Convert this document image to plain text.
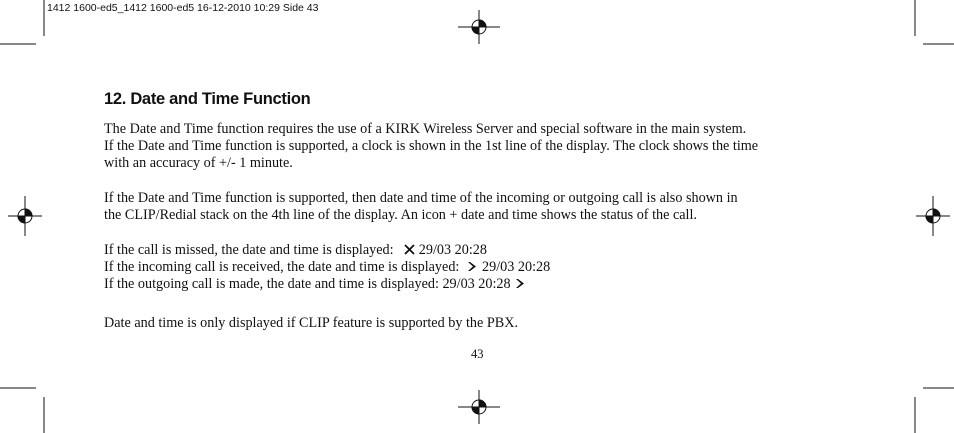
1412 1600-ed5_1412 1600-ed5 16-12-2010 10:29 Side 43
12. Date and Time Function

The Date and Time function requires the use of a KIRK Wireless Server and special software in the main system.
If the Date and Time function is supported, a clock is shown in the 1st line of the display. The clock shows the time
with an accuracy of +/- 1 minute.

If the Date and Time function is supported, then date and time of the incoming or outgoing call is also shown in
the CLIP/Redial stack on the 4th line of the display. An icon + date and time shows the status of the call.

If the call is missed, the date and time is displayed: 29/03 20:28
If the incoming call is received, the date and time is displayed: 29/03 20:28
If the outgoing call is made, the date and time is displayed: 29/03 20:28

Date and time is only displayed if CLIP feature is supported by the PBX.

43
